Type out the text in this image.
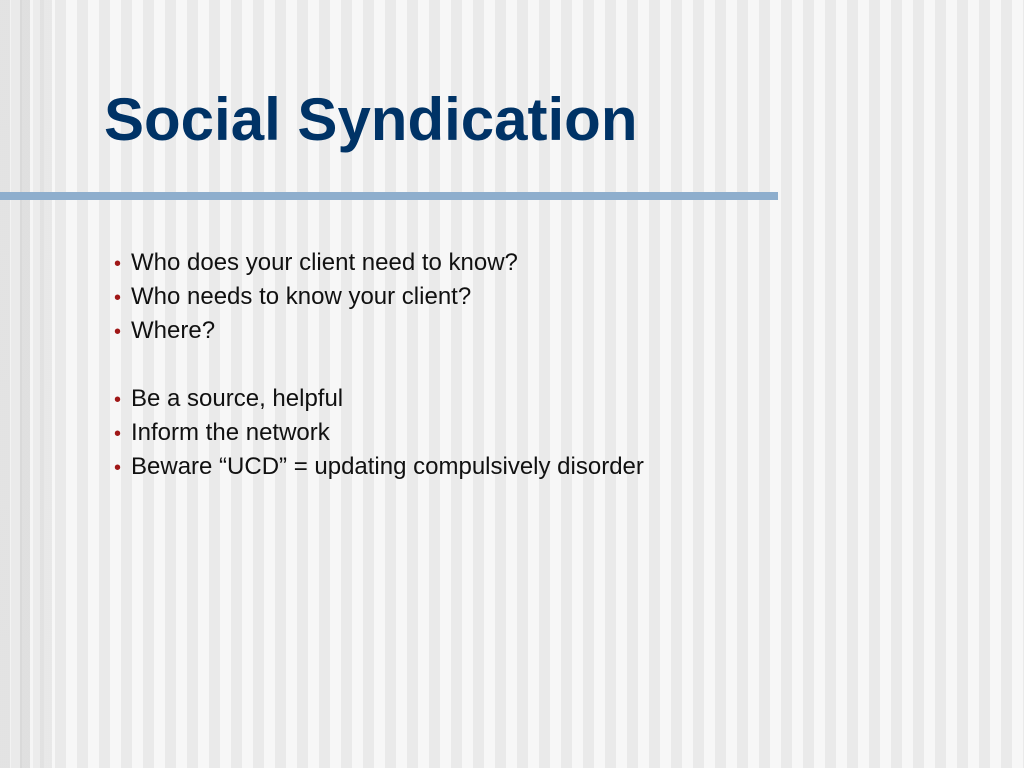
Social Syndication
• Who does your client need to know?
• Who needs to know your client?
• Where?
• Be a source, helpful
• Inform the network
• Beware “UCD” = updating compulsively disorder
